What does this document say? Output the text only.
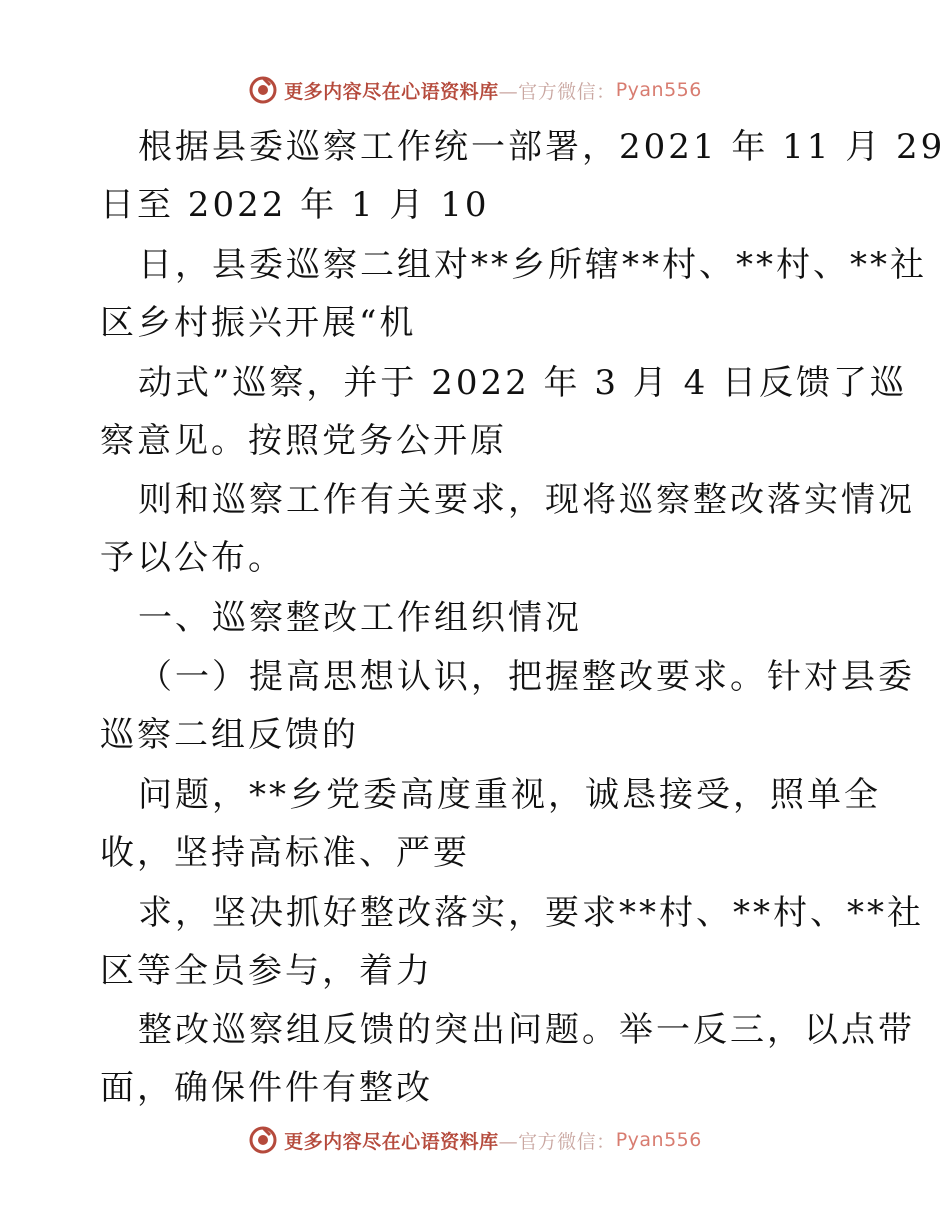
更多内容尽在心语资料库 —官方微信： Pyan556
根据县委巡察工作统一部署，2021 年 11 月 29
日至 2022 年 1 月 10
日，县委巡察二组对**乡所辖**村、**村、**社
区乡村振兴开展“机
动式”巡察，并于 2022 年 3 月 4 日反馈了巡
察意见。按照党务公开原
则和巡察工作有关要求，现将巡察整改落实情况
予以公布。
一、巡察整改工作组织情况
（一）提高思想认识，把握整改要求。针对县委
巡察二组反馈的
问题，**乡党委高度重视，诚恳接受，照单全
收，坚持高标准、严要
求，坚决抓好整改落实，要求**村、**村、**社
区等全员参与，着力
整改巡察组反馈的突出问题。举一反三，以点带
面，确保件件有整改
更多内容尽在心语资料库 —官方微信： Pyan556
